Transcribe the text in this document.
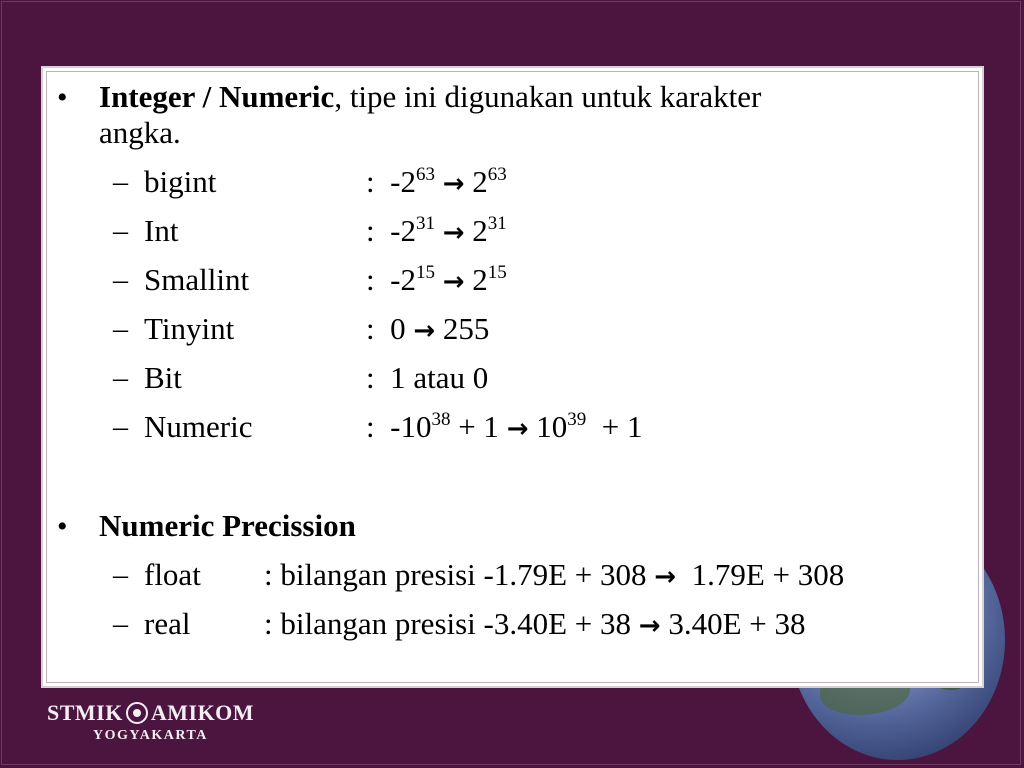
• Integer / Numeric, tipe ini digunakan untuk karakter
angka.
– bigint	: $-2^{63} \to 2^{63}$
– Int	: $-2^{31} \to 2^{31}$
– Smallint	: $-2^{15} \to 2^{15}$
– Tinyint	: 0 → 255
– Bit	: 1 atau 0
– Numeric	: $-10^{38} + 1 \to 10^{39} + 1$
• Numeric Precission
– float : bilangan presisi -1.79E + 308 → 1.79E + 308
– real : bilangan presisi -3.40E + 38 → 3.40E + 38
STMIK AMIKOM
YOGYAKARTA
